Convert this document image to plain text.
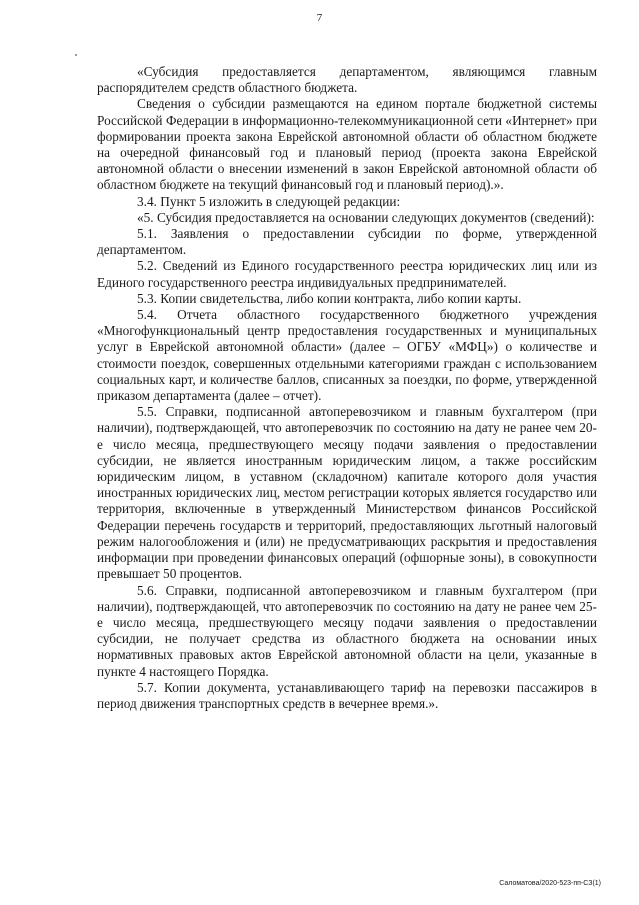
7

«Субсидия предоставляется департаментом, являющимся главным распорядителем средств областного бюджета.

Сведения о субсидии размещаются на едином портале бюджетной системы Российской Федерации в информационно-телекоммуникационной сети «Интернет» при формировании проекта закона Еврейской автономной области об областном бюджете на очередной финансовый год и плановый период (проекта закона Еврейской автономной области о внесении изменений в закон Еврейской автономной области об областном бюджете на текущий финансовый год и плановый период).».

3.4. Пункт 5 изложить в следующей редакции:

«5. Субсидия предоставляется на основании следующих документов (сведений):

5.1. Заявления о предоставлении субсидии по форме, утвержденной департаментом.

5.2. Сведений из Единого государственного реестра юридических лиц или из Единого государственного реестра индивидуальных предпринимателей.

5.3. Копии свидетельства, либо копии контракта, либо копии карты.

5.4. Отчета областного государственного бюджетного учреждения «Многофункциональный центр предоставления государственных и муниципальных услуг в Еврейской автономной области» (далее – ОГБУ «МФЦ») о количестве и стоимости поездок, совершенных отдельными категориями граждан с использованием социальных карт, и количестве баллов, списанных за поездки, по форме, утвержденной приказом департамента (далее – отчет).

5.5. Справки, подписанной автоперевозчиком и главным бухгалтером (при наличии), подтверждающей, что автоперевозчик по состоянию на дату не ранее чем 20-е число месяца, предшествующего месяцу подачи заявления о предоставлении субсидии, не является иностранным юридическим лицом, а также российским юридическим лицом, в уставном (складочном) капитале которого доля участия иностранных юридических лиц, местом регистрации которых является государство или территория, включенные в утвержденный Министерством финансов Российской Федерации перечень государств и территорий, предоставляющих льготный налоговый режим налогообложения и (или) не предусматривающих раскрытия и предоставления информации при проведении финансовых операций (офшорные зоны), в совокупности превышает 50 процентов.

5.6. Справки, подписанной автоперевозчиком и главным бухгалтером (при наличии), подтверждающей, что автоперевозчик по состоянию на дату не ранее чем 25-е число месяца, предшествующего месяцу подачи заявления о предоставлении субсидии, не получает средства из областного бюджета на основании иных нормативных правовых актов Еврейской автономной области на цели, указанные в пункте 4 настоящего Порядка.

5.7. Копии документа, устанавливающего тариф на перевозки пассажиров в период движения транспортных средств в вечернее время.».

Саломатова/2020-523-пп-СЗ(1)
